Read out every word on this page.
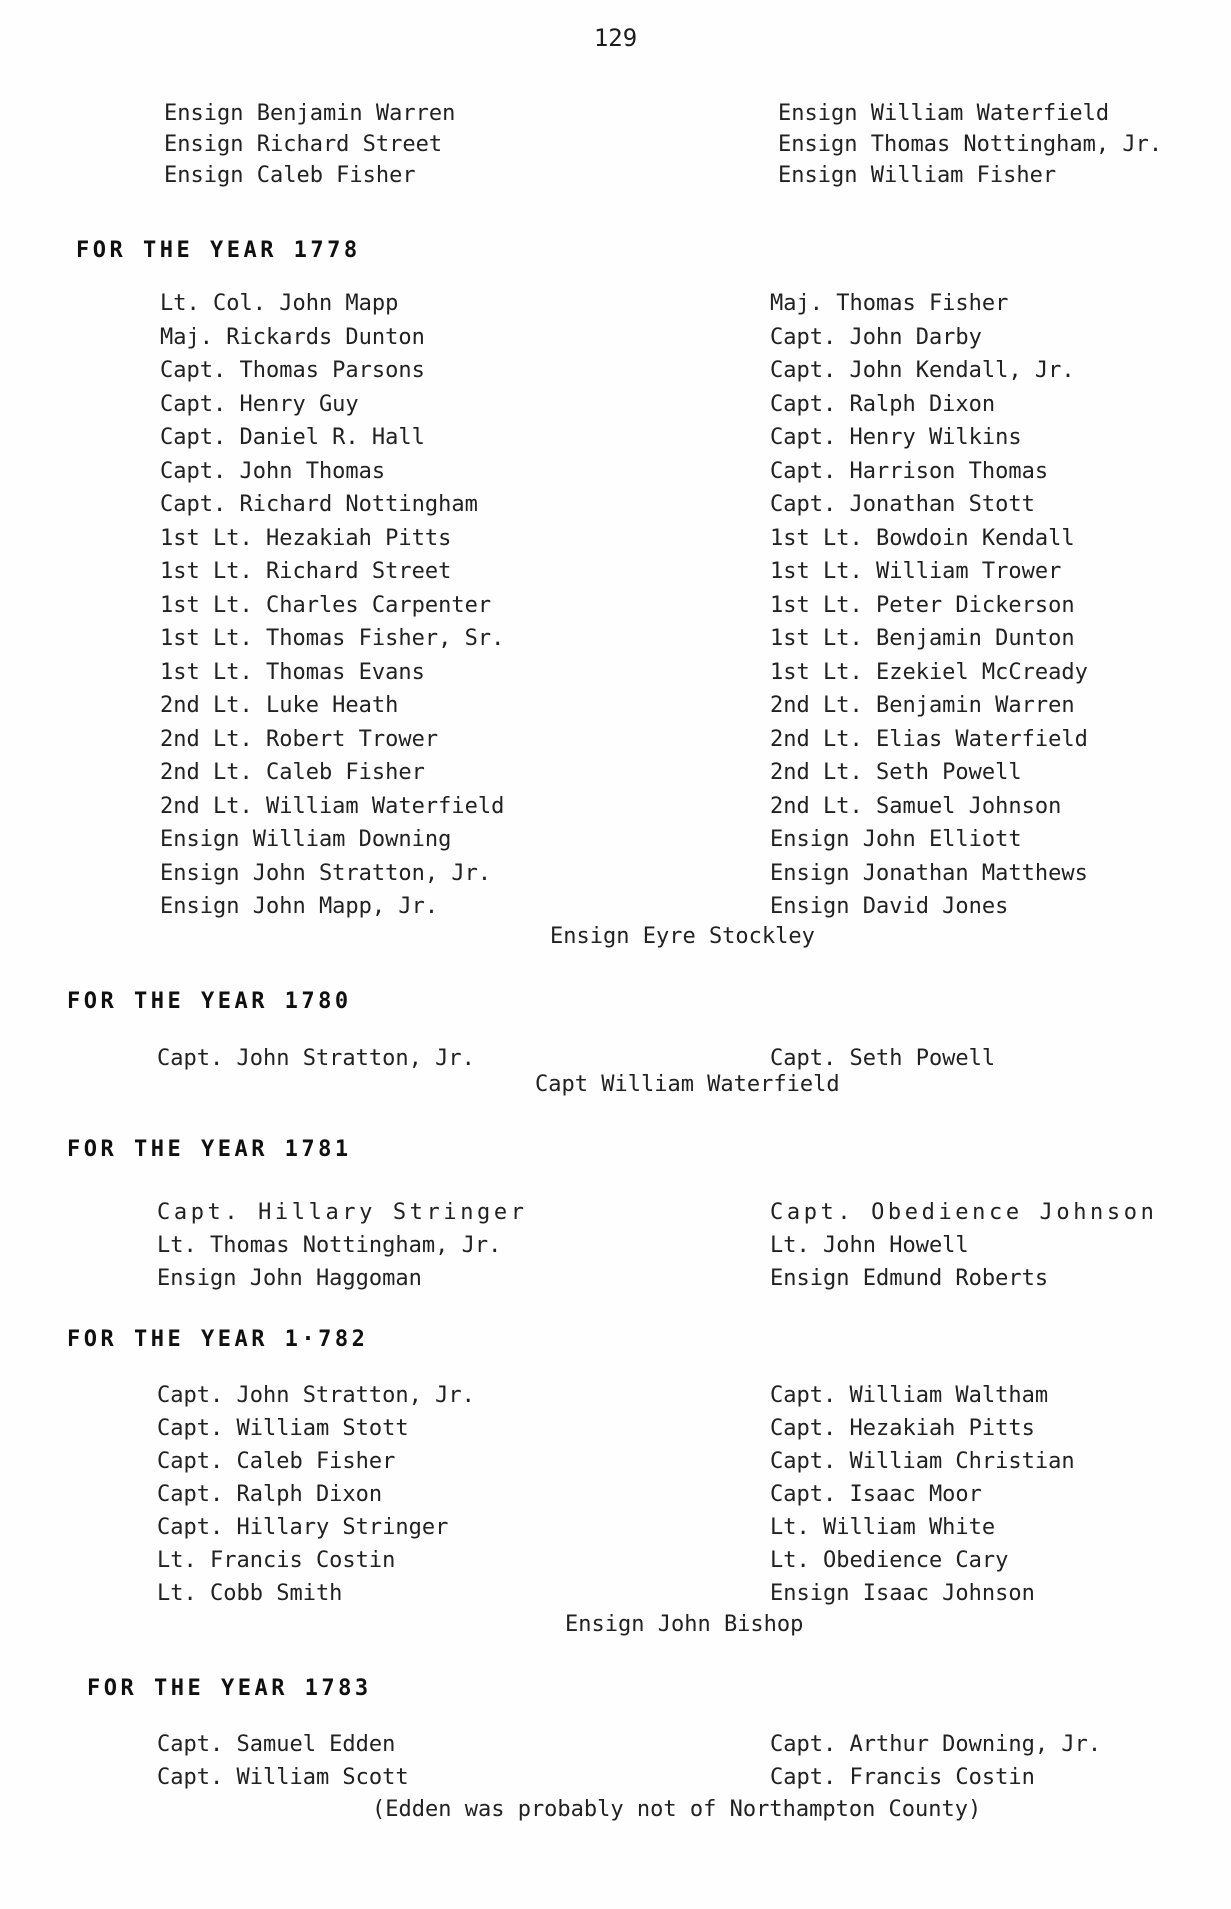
129
Ensign Benjamin Warren
Ensign Richard Street
Ensign Caleb Fisher
Ensign William Waterfield
Ensign Thomas Nottingham, Jr.
Ensign William Fisher
FOR THE YEAR 1778
Lt. Col. John Mapp
Maj. Rickards Dunton
Capt. Thomas Parsons
Capt. Henry Guy
Capt. Daniel R. Hall
Capt. John Thomas
Capt. Richard Nottingham
1st Lt. Hezakiah Pitts
1st Lt. Richard Street
1st Lt. Charles Carpenter
1st Lt. Thomas Fisher, Sr.
1st Lt. Thomas Evans
2nd Lt. Luke Heath
2nd Lt. Robert Trower
2nd Lt. Caleb Fisher
2nd Lt. William Waterfield
Ensign William Downing
Ensign John Stratton, Jr.
Ensign John Mapp, Jr.
Maj. Thomas Fisher
Capt. John Darby
Capt. John Kendall, Jr.
Capt. Ralph Dixon
Capt. Henry Wilkins
Capt. Harrison Thomas
Capt. Jonathan Stott
1st Lt. Bowdoin Kendall
1st Lt. William Trower
1st Lt. Peter Dickerson
1st Lt. Benjamin Dunton
1st Lt. Ezekiel McCready
2nd Lt. Benjamin Warren
2nd Lt. Elias Waterfield
2nd Lt. Seth Powell
2nd Lt. Samuel Johnson
Ensign John Elliott
Ensign Jonathan Matthews
Ensign David Jones
Ensign Eyre Stockley
FOR THE YEAR 1780
Capt. John Stratton, Jr.	Capt. Seth Powell
Capt William Waterfield
FOR THE YEAR 1781
Capt. Hillary Stringer
Lt. Thomas Nottingham, Jr.
Ensign John Haggoman
Capt. Obedience Johnson
Lt. John Howell
Ensign Edmund Roberts
FOR THE YEAR 1·782
Capt. John Stratton, Jr.
Capt. William Stott
Capt. Caleb Fisher
Capt. Ralph Dixon
Capt. Hillary Stringer
Lt. Francis Costin
Lt. Cobb Smith
Capt. William Waltham
Capt. Hezakiah Pitts
Capt. William Christian
Capt. Isaac Moor
Lt. William White
Lt. Obedience Cary
Ensign Isaac Johnson
Ensign John Bishop
FOR THE YEAR 1783
Capt. Samuel Edden
Capt. William Scott
Capt. Arthur Downing, Jr.
Capt. Francis Costin
(Edden was probably not of Northampton County)
